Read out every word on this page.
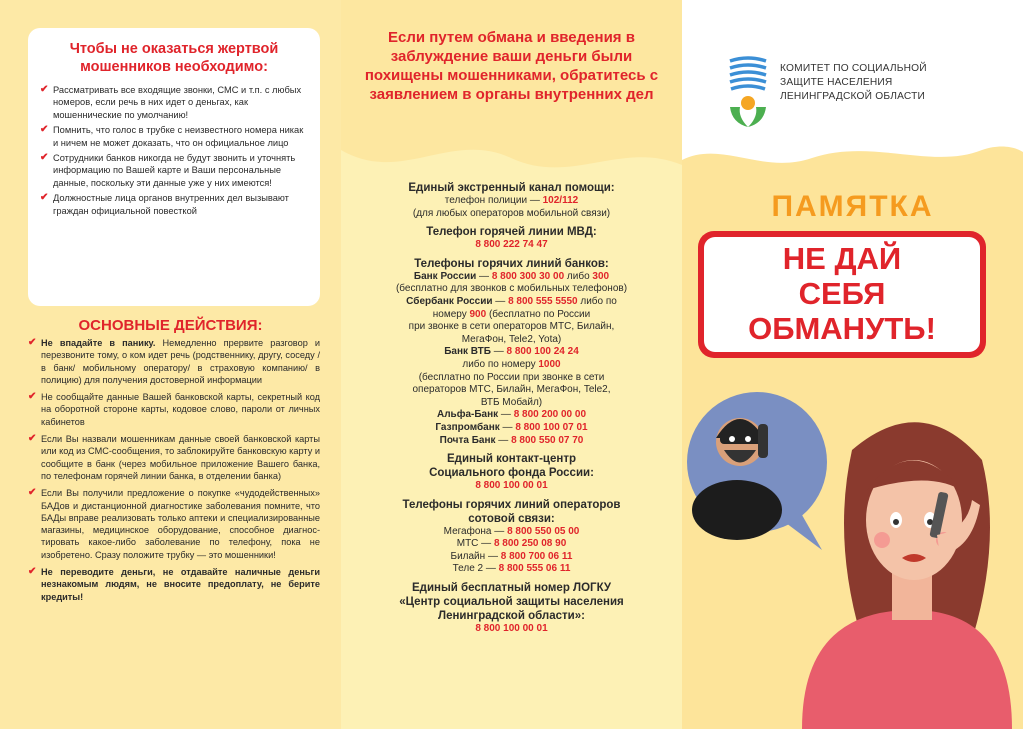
Чтобы не оказаться жертвой мошенников необходимо:
✔ Рассматривать все входящие звонки, СМС и т.п. с любых номеров, если речь в них идет о деньгах, как мошеннические по умолчанию!
✔ Помнить, что голос в трубке с неизвестного номера никак и ничем не может доказать, что он официальное лицо
✔ Сотрудники банков никогда не будут звонить и уточнять информацию по Вашей карте и Ваши персональные данные, поскольку эти данные уже у них имеются!
✔ Должностные лица органов внутренних дел вызывают граждан официальной повесткой
ОСНОВНЫЕ ДЕЙСТВИЯ:
✔ Не впадайте в панику. Немедленно прервите разговор и перезвоните тому, о ком идет речь (родственнику, другу, соседу /в банк/ мобильному оператору/ в страховую компанию/ в полицию) для получения достоверной информации
✔ Не сообщайте данные Вашей банковской карты, секретный код на оборотной стороне карты, кодовое слово, пароли от личных кабинетов
✔ Если Вы назвали мошенникам данные своей банковской карты или код из СМС-сообщения, то заблокируйте банковскую карту и сообщите в банк (через мобильное приложение Вашего банка, по телефонам горячей линии банка, в отделении банка)
✔ Если Вы получили предложение о покупке «чудодейственных» БАДов и дистанционной диагностике заболевания помните, что БАДы вправе реализовать только аптеки и специализированные магазины, медицинское оборудование, способное диагностировать какое-либо заболевание по телефону, пока не изобретено. Сразу положите трубку — это мошенники!
✔ Не переводите деньги, не отдавайте наличные деньги незнакомым людям, не вносите предоплату, не берите кредиты!
Если путем обмана и введения в заблуждение ваши деньги были похищены мошенниками, обратитесь с заявлением в органы внутренних дел
Единый экстренный канал помощи:
телефон полиции — 102/112
(для любых операторов мобильной связи)
Телефон горячей линии МВД:
8 800 222 74 47
Телефоны горячих линий банков:
Банк России — 8 800 300 30 00 либо 300
(бесплатно для звонков с мобильных телефонов)
Сбербанк России — 8 800 555 5550 либо по
номеру 900 (бесплатно по России
при звонке в сети операторов МТС, Билайн,
МегаФон, Tele2, Yota)
Банк ВТБ — 8 800 100 24 24
либо по номеру 1000
(бесплатно по России при звонке в сети
операторов МТС, Билайн, МегаФон, Tele2,
ВТБ Мобайл)
Альфа-Банк — 8 800 200 00 00
Газпромбанк — 8 800 100 07 01
Почта Банк — 8 800 550 07 70
Единый контакт-центр
Социального фонда России:
8 800 100 00 01
Телефоны горячих линий операторов
сотовой связи:
Мегафона — 8 800 550 05 00
МТС — 8 800 250 08 90
Билайн — 8 800 700 06 11
Теле 2 — 8 800 555 06 11
Единый бесплатный номер ЛОГКУ
«Центр социальной защиты населения
Ленинградской области»:
8 800 100 00 01
КОМИТЕТ ПО СОЦИАЛЬНОЙ
ЗАЩИТЕ НАСЕЛЕНИЯ
ЛЕНИНГРАДСКОЙ ОБЛАСТИ
ПАМЯТКА
НЕ ДАЙ
СЕБЯ
ОБМАНУТЬ!
